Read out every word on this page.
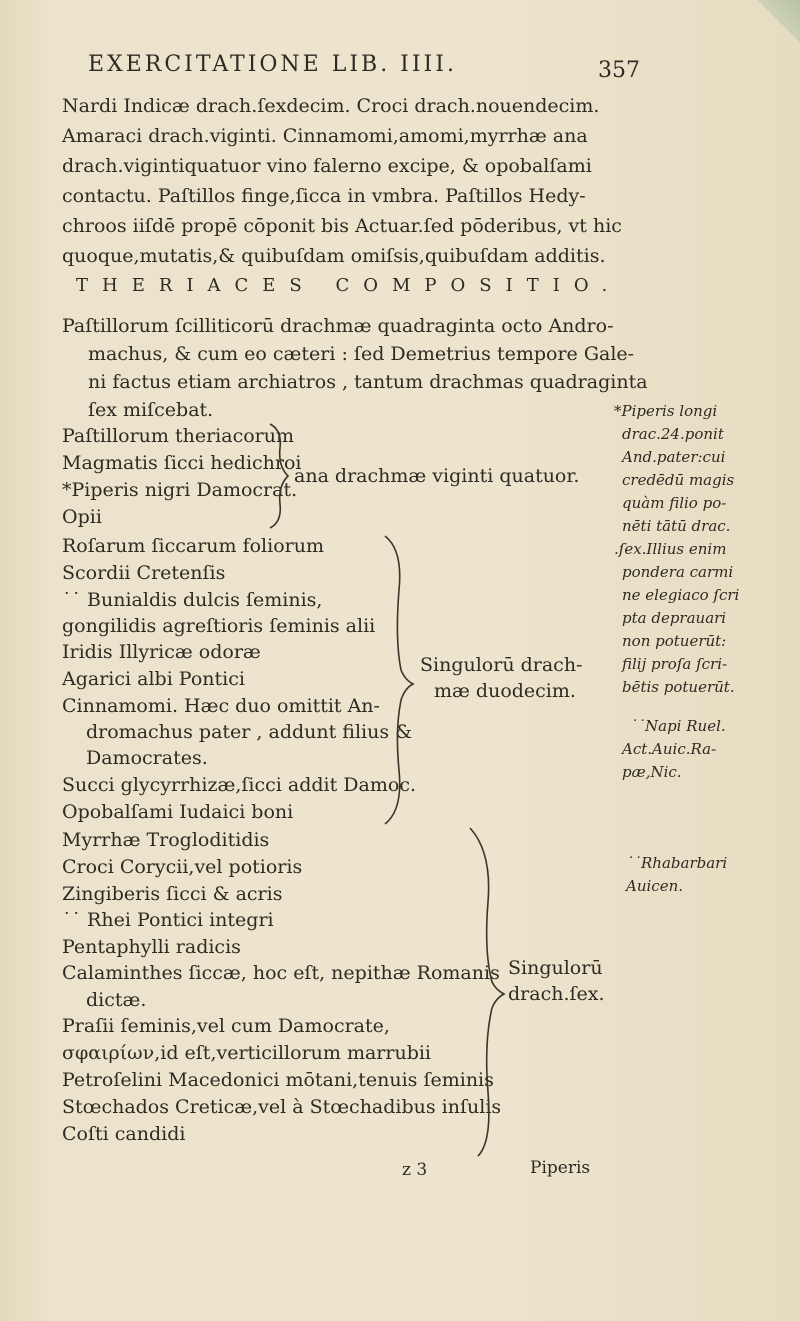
EXERCITATIONE LIB. IIII.	357
Nardi Indicæ drach.ſexdecim. Croci drach.nouendecim.
Amaraci drach.viginti. Cinnamomi,amomi,myrrhæ ana
drach.vigintiquatuor vino falerno excipe, & opobalſami
contactu. Paſtillos finge,ſicca in vmbra. Paſtillos Hedy-
chroos iiſdē propē cōponit bis Actuar.ſed pōderibus, vt hic
quoque,mutatis,& quibuſdam omiſsis,quibuſdam additis.
THERIACES COMPOSITIO.
Paſtillorum ſcilliticorū drachmæ quadraginta octo Andro-
machus, & cum eo cæteri : ſed Demetrius tempore Gale-
ni factus etiam archiatros , tantum drachmas quadraginta
ſex miſcebat.
Paſtillorum theriacorum
Magmatis ſicci hedichroi
*Piperis nigri Damocrat.
Opii
ana drachmæ viginti quatuor.
Roſarum ſiccarum foliorum
Scordii Cretenſis
˙˙ Bunialdis dulcis ſeminis,
gongilidis agreſtioris ſeminis alii
Iridis Illyricæ odoræ
Agarici albi Pontici
Cinnamomi. Hæc duo omittit An-
dromachus pater , addunt filius &
Damocrates.
Succi glycyrrhizæ,ſicci addit Damoc.
Opobalſami Iudaici boni
Singulorū drach-
mæ duodecim.
Myrrhæ Trogloditidis
Croci Corycii,vel potioris
Zingiberis ſicci & acris
˙˙ Rhei Pontici integri
Pentaphylli radicis
Calaminthes ſiccæ, hoc eſt, nepithæ Romanis
dictæ.
Praſii ſeminis,vel cum Damocrate,
σφαιρίων,id eſt,verticillorum marrubii
Petroſelini Macedonici mōtani,tenuis ſeminis
Stœchados Creticæ,vel à Stœchadibus inſulis
Coſti candidi
Singulorū
drach.ſex.
*Piperis longi
drac.24.ponit
And.pater:cui
credēdū magis
quàm filio po-
nēti tātū drac.
.ſex.Illius enim
pondera carmi
ne elegiaco ſcri
pta deprauari
non potuerūt:
filij proſa ſcri-
bētis potuerūt.
˙˙Napi Ruel.
Act.Auic.Ra-
pæ,Nic.
˙˙Rhabarbari
Auicen.
z 3	Piperis
